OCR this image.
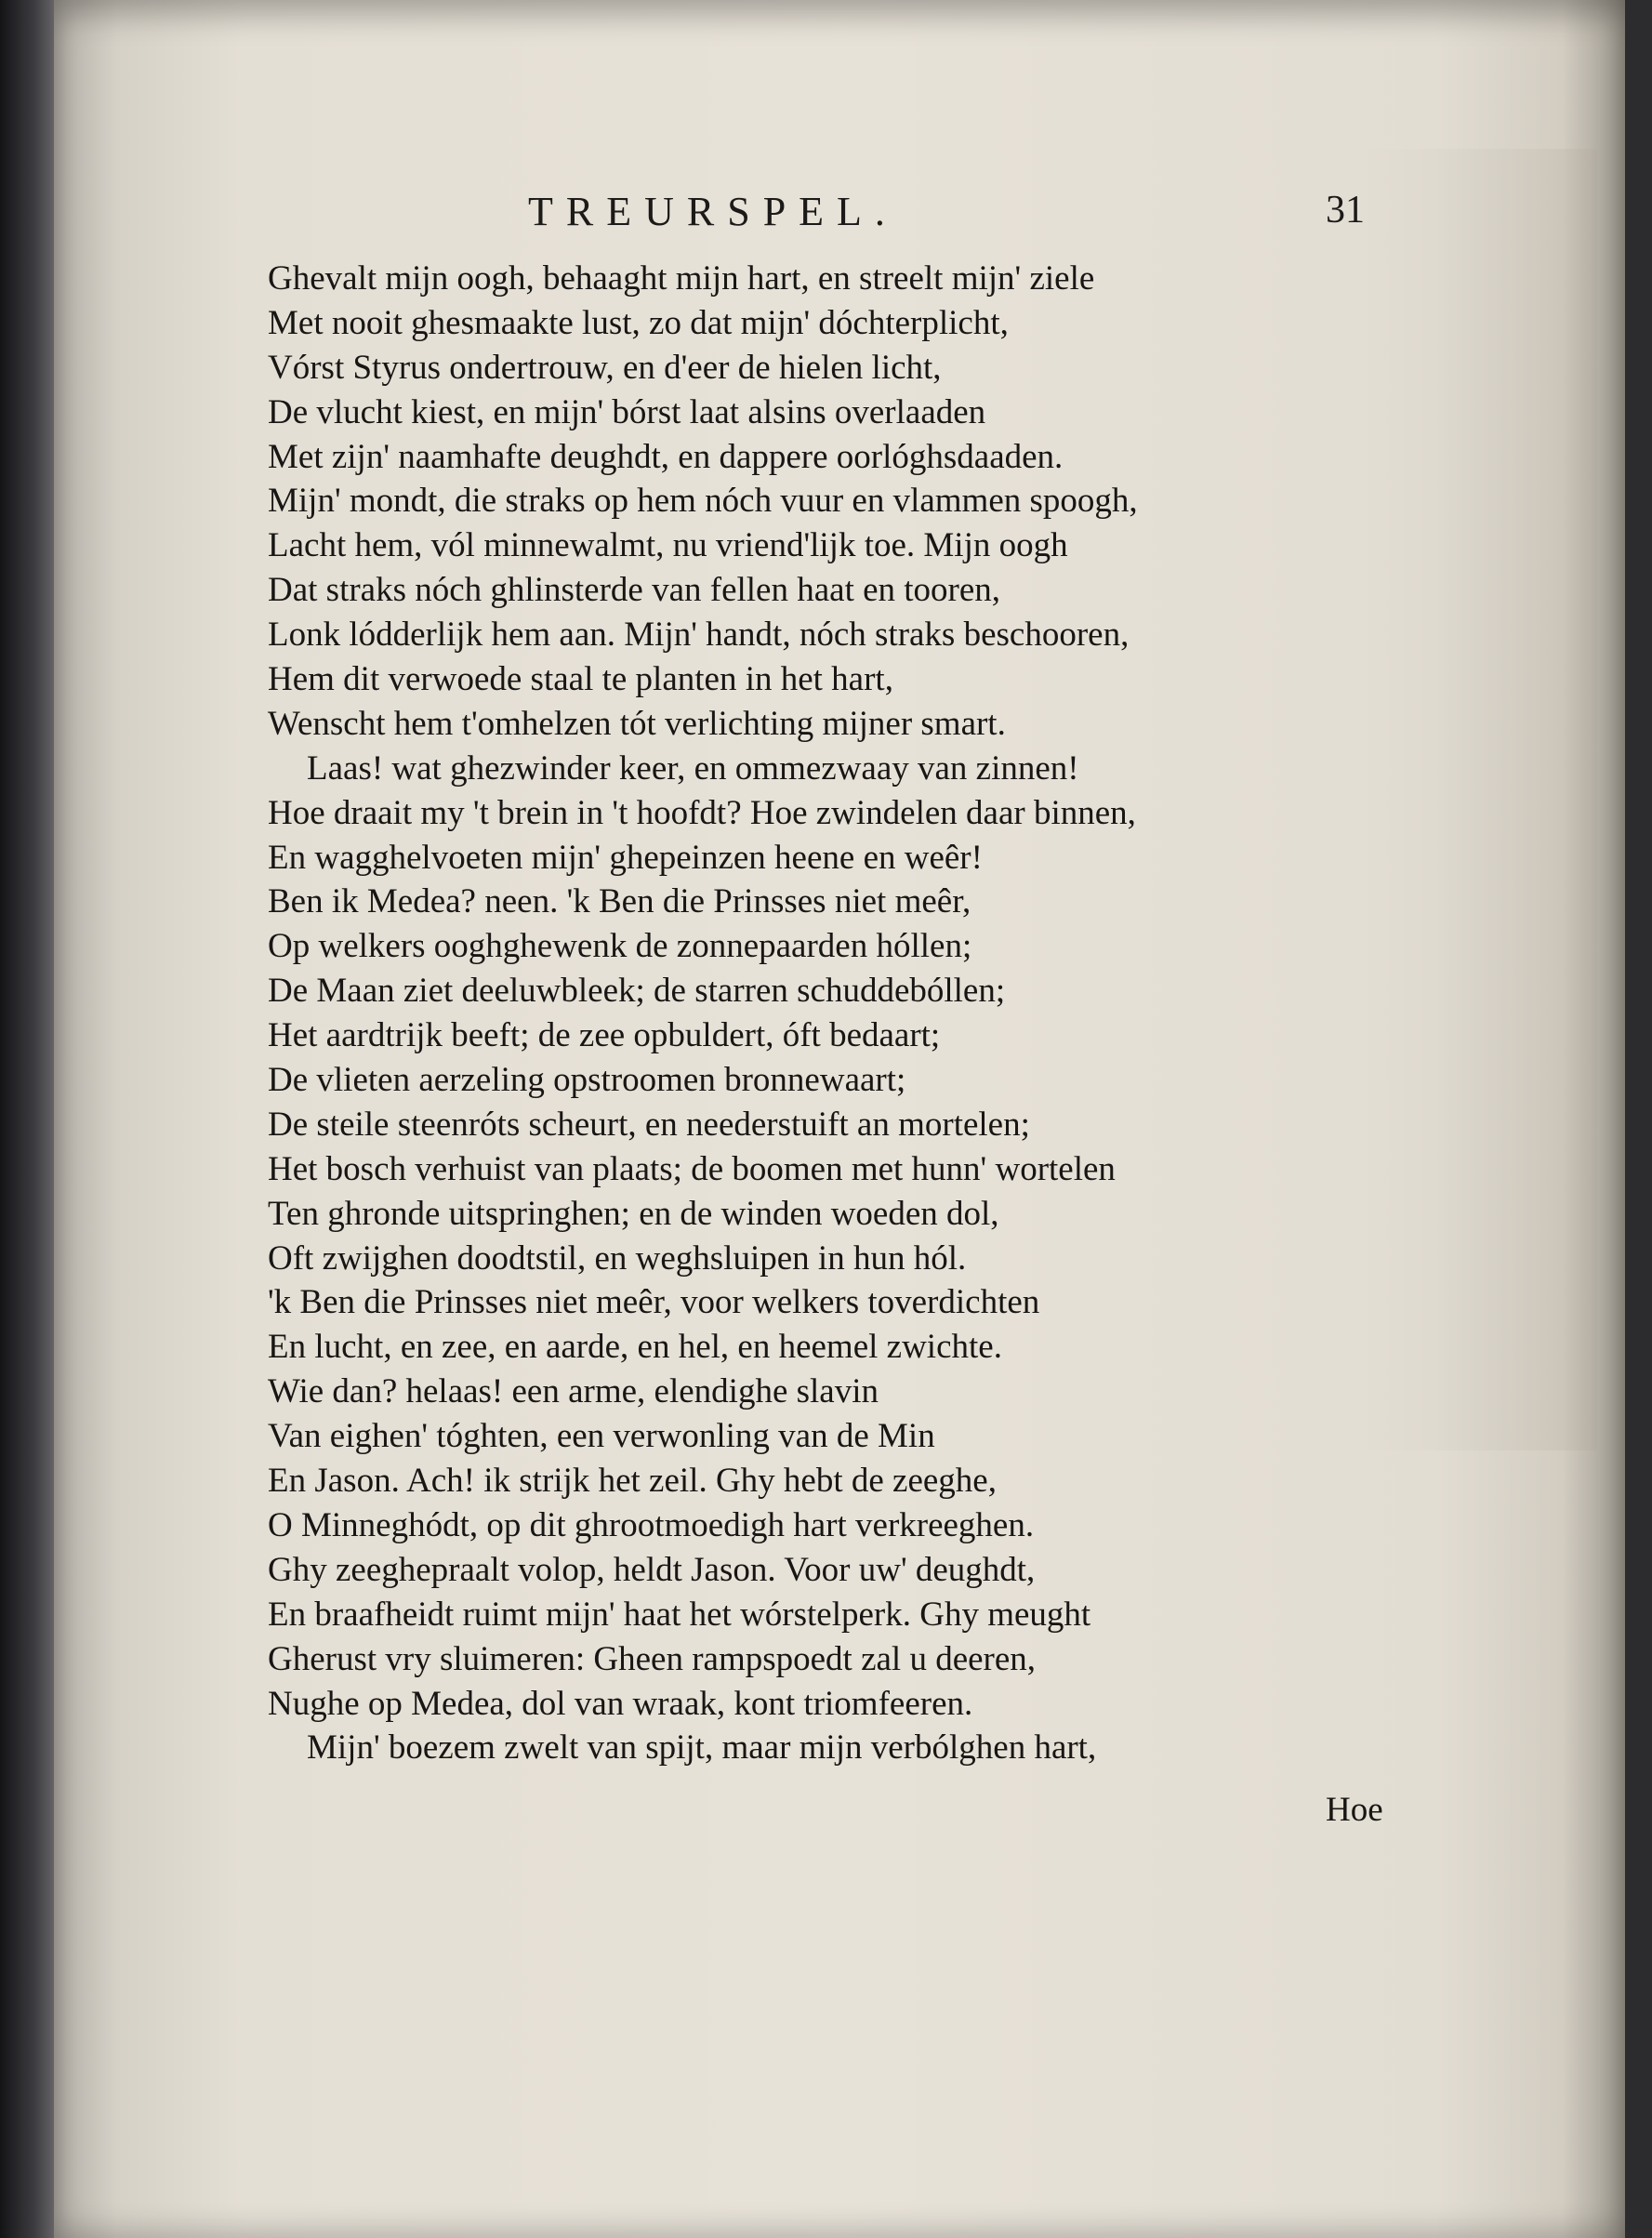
TREURSPEL.	31
Ghevalt mijn oogh, behaaght mijn hart, en streelt mijn' ziele
Met nooit ghesmaakte lust, zo dat mijn' dóchterplicht,
Vórst Styrus ondertrouw, en d'eer de hielen licht,
De vlucht kiest, en mijn' bórst laat alsins overlaaden
Met zijn' naamhafte deughdt, en dappere oorlóghsdaaden.
Mijn' mondt, die straks op hem nóch vuur en vlammen spoogh,
Lacht hem, vól minnewalmt, nu vriend'lijk toe. Mijn oogh
Dat straks nóch ghlinsterde van fellen haat en tooren,
Lonk lódderlijk hem aan. Mijn' handt, nóch straks beschooren,
Hem dit verwoede staal te planten in het hart,
Wenscht hem t'omhelzen tót verlichting mijner smart.
Laas! wat ghezwinder keer, en ommezwaay van zinnen!
Hoe draait my 't brein in 't hoofdt? Hoe zwindelen daar binnen,
En wagghelvoeten mijn' ghepeinzen heene en weêr!
Ben ik Medea? neen. 'k Ben die Prinsses niet meêr,
Op welkers ooghghewenk de zonnepaarden hóllen;
De Maan ziet deeluwbleek; de starren schuddebóllen;
Het aardtrijk beeft; de zee opbuldert, óft bedaart;
De vlieten aerzeling opstroomen bronnewaart;
De steile steenróts scheurt, en neederstuift an mortelen;
Het bosch verhuist van plaats; de boomen met hunn' wortelen
Ten ghronde uitspringhen; en de winden woeden dol,
Oft zwijghen doodtstil, en weghsluipen in hun hól.
'k Ben die Prinsses niet meêr, voor welkers toverdichten
En lucht, en zee, en aarde, en hel, en heemel zwichte.
Wie dan? helaas! een arme, elendighe slavin
Van eighen' tóghten, een verwonling van de Min
En Jason. Ach! ik strijk het zeil. Ghy hebt de zeeghe,
O Minneghódt, op dit ghrootmoedigh hart verkreeghen.
Ghy zeeghepraalt volop, heldt Jason. Voor uw' deughdt,
En braafheidt ruimt mijn' haat het wórstelperk. Ghy meught
Gherust vry sluimeren: Gheen rampspoedt zal u deeren,
Nughe op Medea, dol van wraak, kont triomfeeren.
Mijn' boezem zwelt van spijt, maar mijn verbólghen hart,
Hoe
